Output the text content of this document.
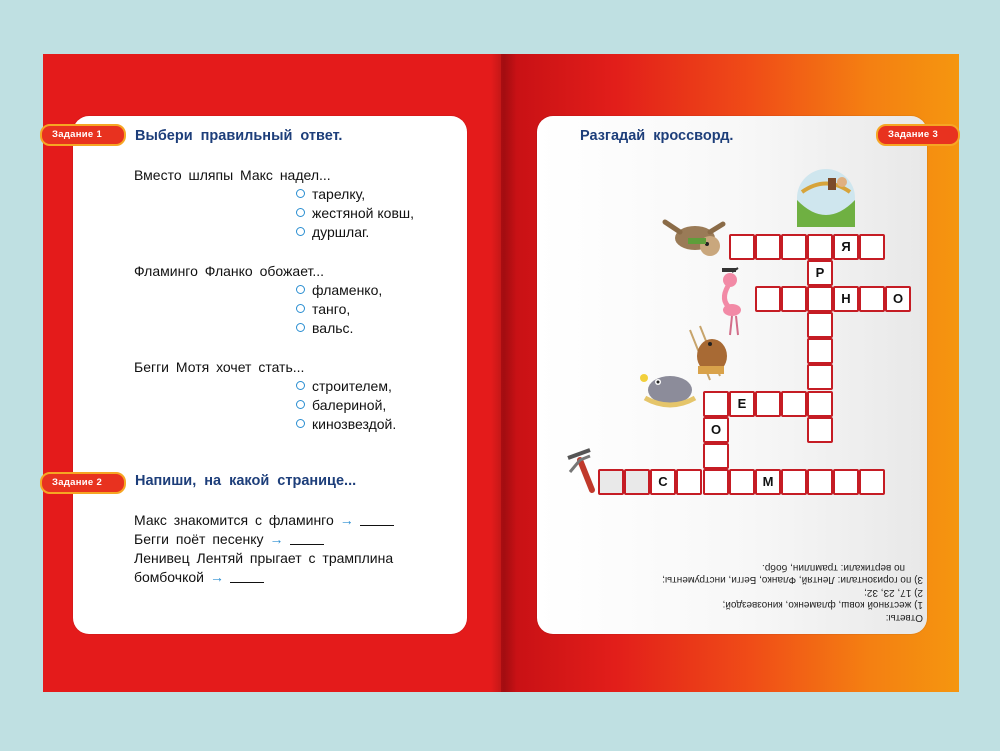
Задание 1	Выбери правильный ответ.
Вместо шляпы Макс надел...
тарелку,
жестяной ковш,
дуршлаг.
Фламинго Фланко обожает...
фламенко,
танго,
вальс.
Бегги Мотя хочет стать...
строителем,
балериной,
кинозвездой.
Задание 2	Напиши, на какой странице...
Макс знакомится с фламинго →
Бегги поёт песенку →
Ленивец Лентяй прыгает с трамплина
бомбочкой →
Задание 3
Разгадай кроссворд.
Я
Р
Н	О
Е
О
С	М
Ответы:
1) жестяной ковш, фламенко, кинозвездой;
2) 17, 23, 32;
3) по горизонтали: Лентяй, Фланко, Бегги, инструменты;
по вертикали: трамплин, бобр.
